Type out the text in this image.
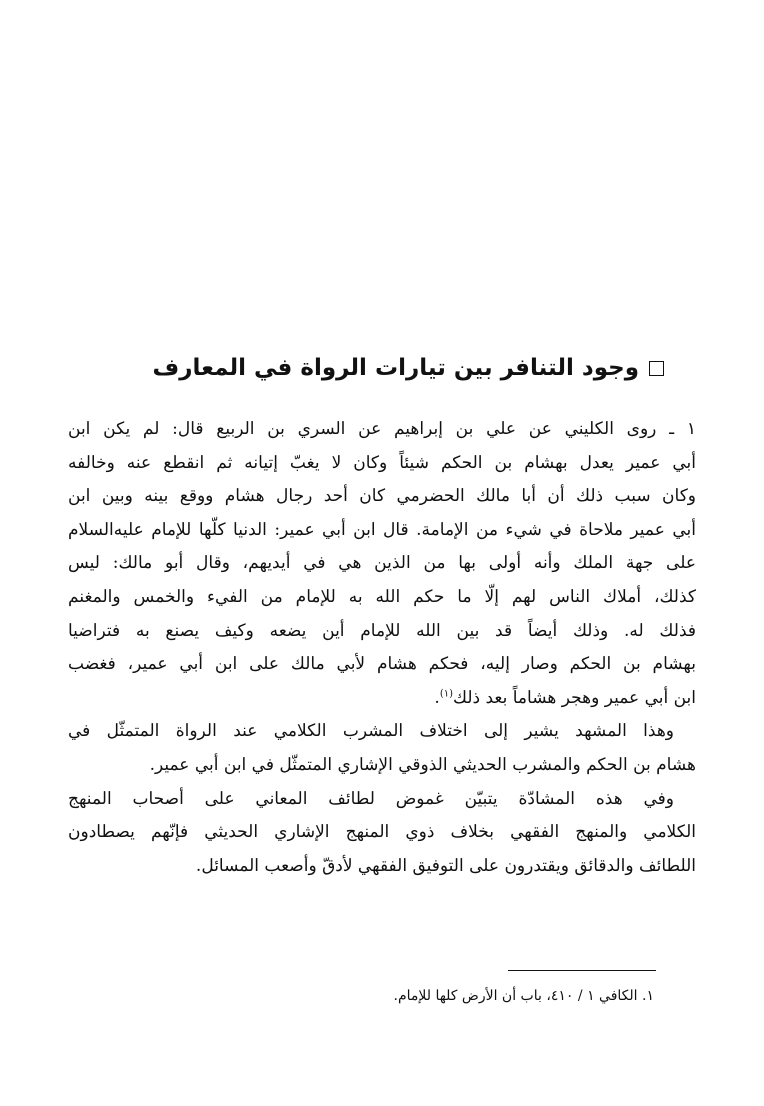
وجود التنافر بين تيارات الرواة في المعارف
١ ـ روى الكليني عن علي بن إبراهيم عن السري بن الربيع قال: لم يكن ابن
أبي عمير يعدل بهشام بن الحكم شيئاً وكان لا يغبّ إتيانه ثم انقطع عنه وخالفه
وكان سبب ذلك أن أبا مالك الحضرمي كان أحد رجال هشام ووقع بينه وبين ابن
أبي عمير ملاحاة في شيء من الإمامة. قال ابن أبي عمير: الدنيا كلّها للإمام عليه‌السلام
على جهة الملك وأنه أولى بها من الذين هي في أيديهم، وقال أبو مالك: ليس
كذلك، أملاك الناس لهم إلّا ما حكم الله به للإمام من الفيء والخمس والمغنم
فذلك له. وذلك أيضاً قد بين الله للإمام أين يضعه وكيف يصنع به فتراضيا
بهشام بن الحكم وصار إليه، فحكم هشام لأبي مالك على ابن أبي عمير، فغضب
ابن أبي عمير وهجر هشاماً بعد ذلك$^{(١)}$.
وهذا المشهد يشير إلى اختلاف المشرب الكلامي عند الرواة المتمثّل في
هشام بن الحكم والمشرب الحديثي الذوقي الإشاري المتمثّل في ابن أبي عمير.
وفي هذه المشادّة يتبيّن غموض لطائف المعاني على أصحاب المنهج
الكلامي والمنهج الفقهي بخلاف ذوي المنهج الإشاري الحديثي فإنّهم يصطادون
اللطائف والدقائق ويقتدرون على التوفيق الفقهي لأدقّ وأصعب المسائل.
١. الكافي ١ / ٤١٠، باب أن الأرض كلها للإمام.
